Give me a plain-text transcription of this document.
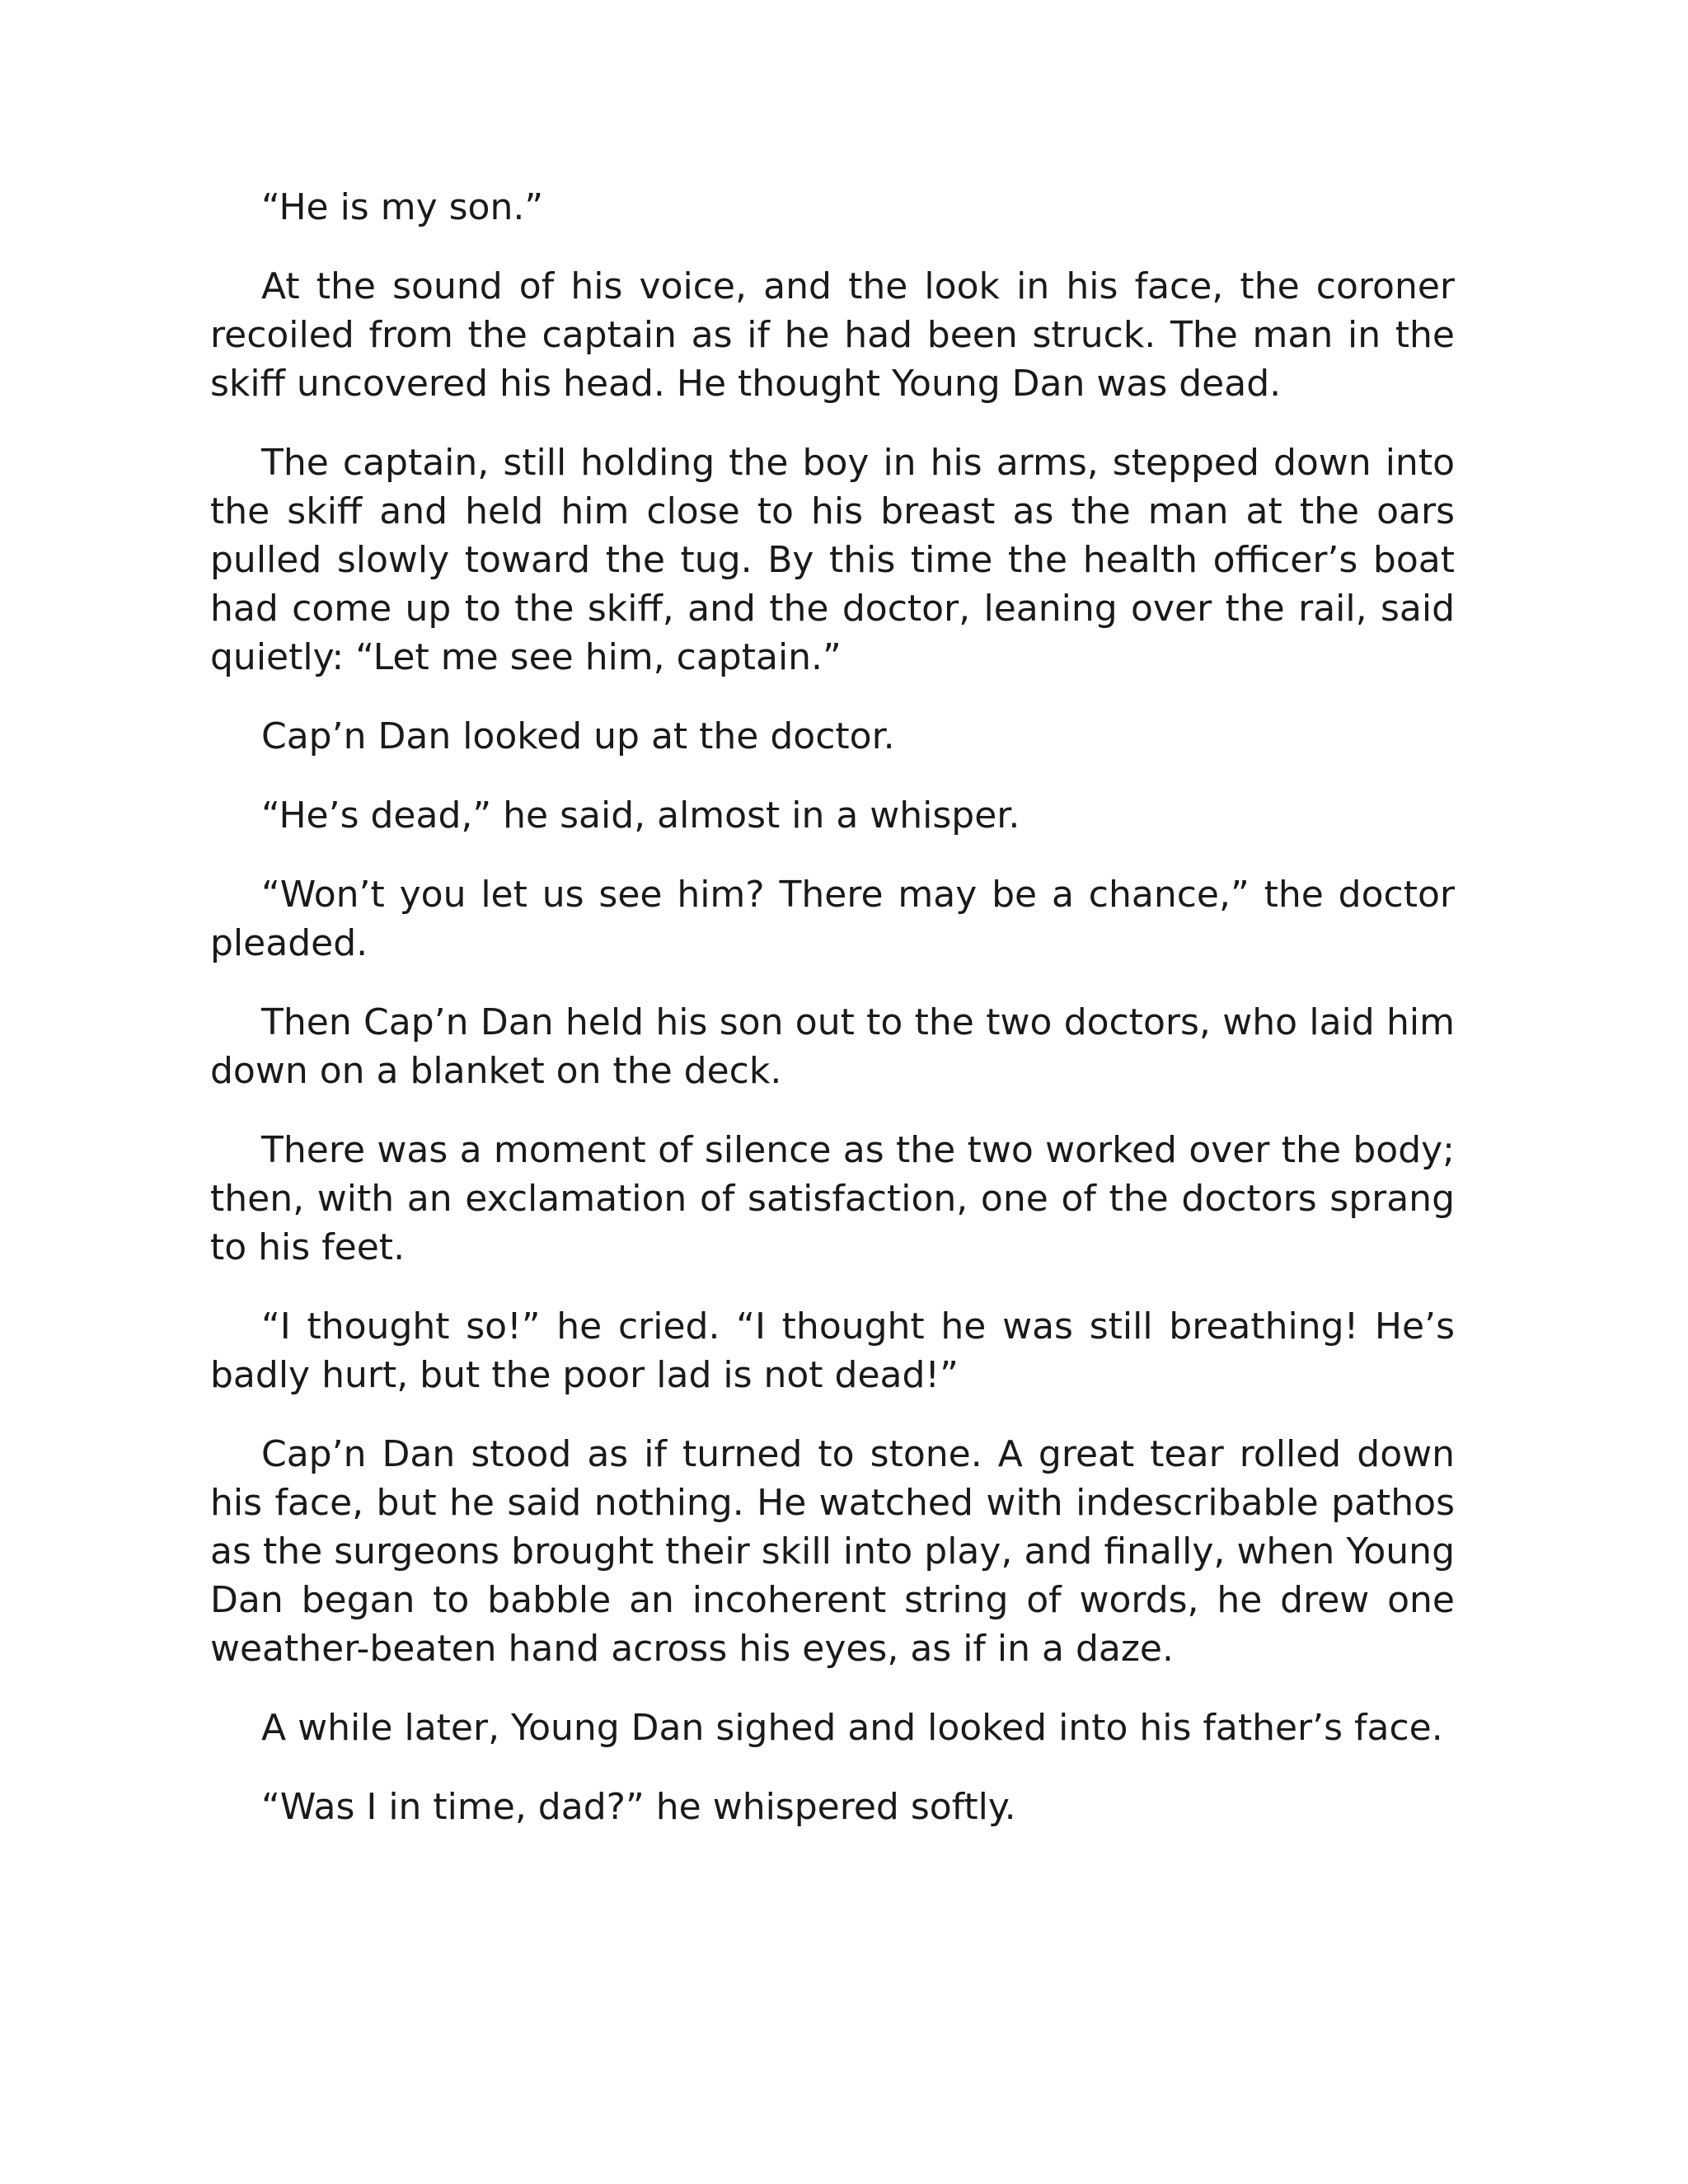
“He is my son.”

At the sound of his voice, and the look in his face, the coroner recoiled from the captain as if he had been struck. The man in the skiff uncovered his head. He thought Young Dan was dead.

The captain, still holding the boy in his arms, stepped down into the skiff and held him close to his breast as the man at the oars pulled slowly toward the tug. By this time the health officer’s boat had come up to the skiff, and the doctor, leaning over the rail, said quietly: “Let me see him, captain.”

Cap’n Dan looked up at the doctor.

“He’s dead,” he said, almost in a whisper.

“Won’t you let us see him? There may be a chance,” the doctor pleaded.

Then Cap’n Dan held his son out to the two doctors, who laid him down on a blanket on the deck.

There was a moment of silence as the two worked over the body; then, with an exclamation of satisfaction, one of the doctors sprang to his feet.

“I thought so!” he cried. “I thought he was still breathing! He’s badly hurt, but the poor lad is not dead!”

Cap’n Dan stood as if turned to stone. A great tear rolled down his face, but he said nothing. He watched with indescribable pathos as the surgeons brought their skill into play, and finally, when Young Dan began to babble an incoherent string of words, he drew one weather-beaten hand across his eyes, as if in a daze.

A while later, Young Dan sighed and looked into his father’s face.

“Was I in time, dad?” he whispered softly.
